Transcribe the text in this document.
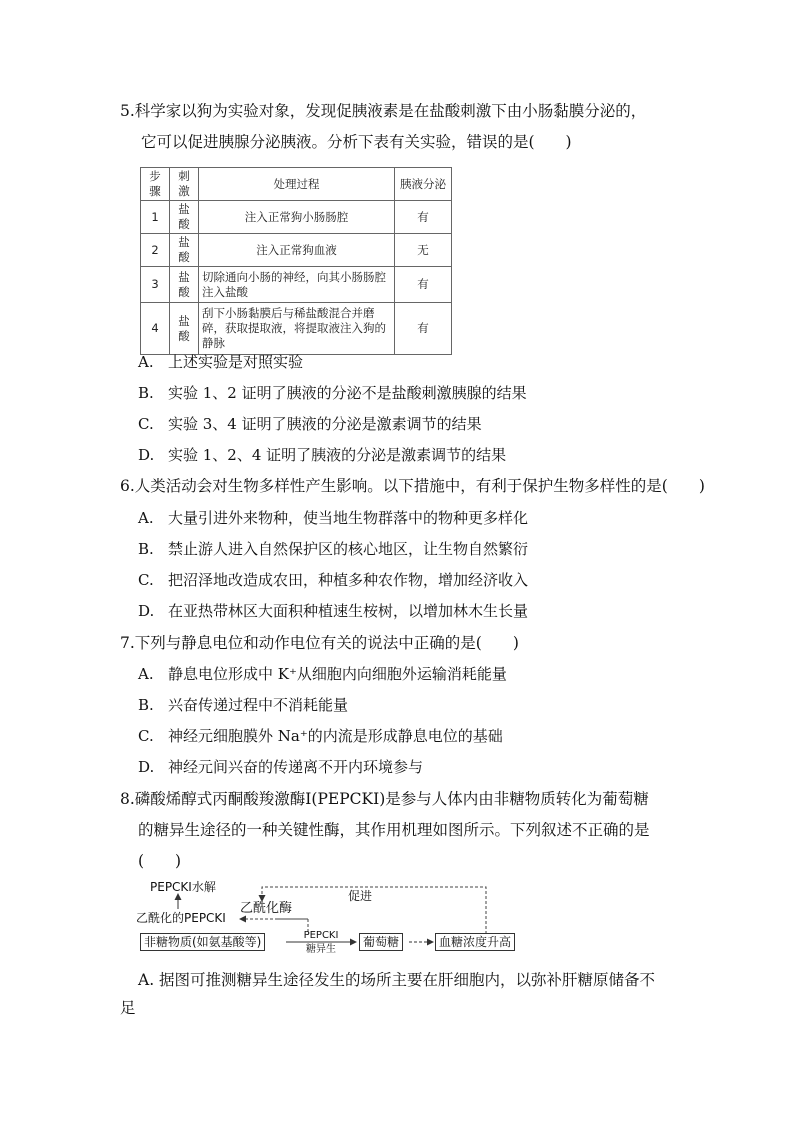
5.科学家以狗为实验对象，发现促胰液素是在盐酸刺激下由小肠黏膜分泌的，
它可以促进胰腺分泌胰液。分析下表有关实验，错误的是(　　)
步骤	刺激	处理过程	胰液分泌
1	盐酸	注入正常狗小肠肠腔	有
2	盐酸	注入正常狗血液	无
3	盐酸	切除通向小肠的神经，向其小肠肠腔注入盐酸	有
4	盐酸	刮下小肠黏膜后与稀盐酸混合并磨碎，获取提取液，将提取液注入狗的静脉	有
A. 上述实验是对照实验
B. 实验 1、2 证明了胰液的分泌不是盐酸刺激胰腺的结果
C. 实验 3、4 证明了胰液的分泌是激素调节的结果
D. 实验 1、2、4 证明了胰液的分泌是激素调节的结果
6.人类活动会对生物多样性产生影响。以下措施中，有利于保护生物多样性的是(　　)
A. 大量引进外来物种，使当地生物群落中的物种更多样化
B. 禁止游人进入自然保护区的核心地区，让生物自然繁衍
C. 把沼泽地改造成农田，种植多种农作物，增加经济收入
D. 在亚热带林区大面积种植速生桉树，以增加林木生长量
7.下列与静息电位和动作电位有关的说法中正确的是(　　)
A. 静息电位形成中 K⁺从细胞内向细胞外运输消耗能量
B. 兴奋传递过程中不消耗能量
C. 神经元细胞膜外 Na⁺的内流是形成静息电位的基础
D. 神经元间兴奋的传递离不开内环境参与
8.磷酸烯醇式丙酮酸羧激酶Ⅰ(PEPCKI)是参与人体内由非糖物质转化为葡萄糖
的糖异生途径的一种关键性酶，其作用机理如图所示。下列叙述不正确的是
(　　)
PEPCKI水解
促进
乙酰化的PEPCKI
乙酰化酶
非糖物质(如氨基酸等)	PEPCKI
糖异生
葡萄糖	血糖浓度升高
A. 据图可推测糖异生途径发生的场所主要在肝细胞内，以弥补肝糖原储备不
足
